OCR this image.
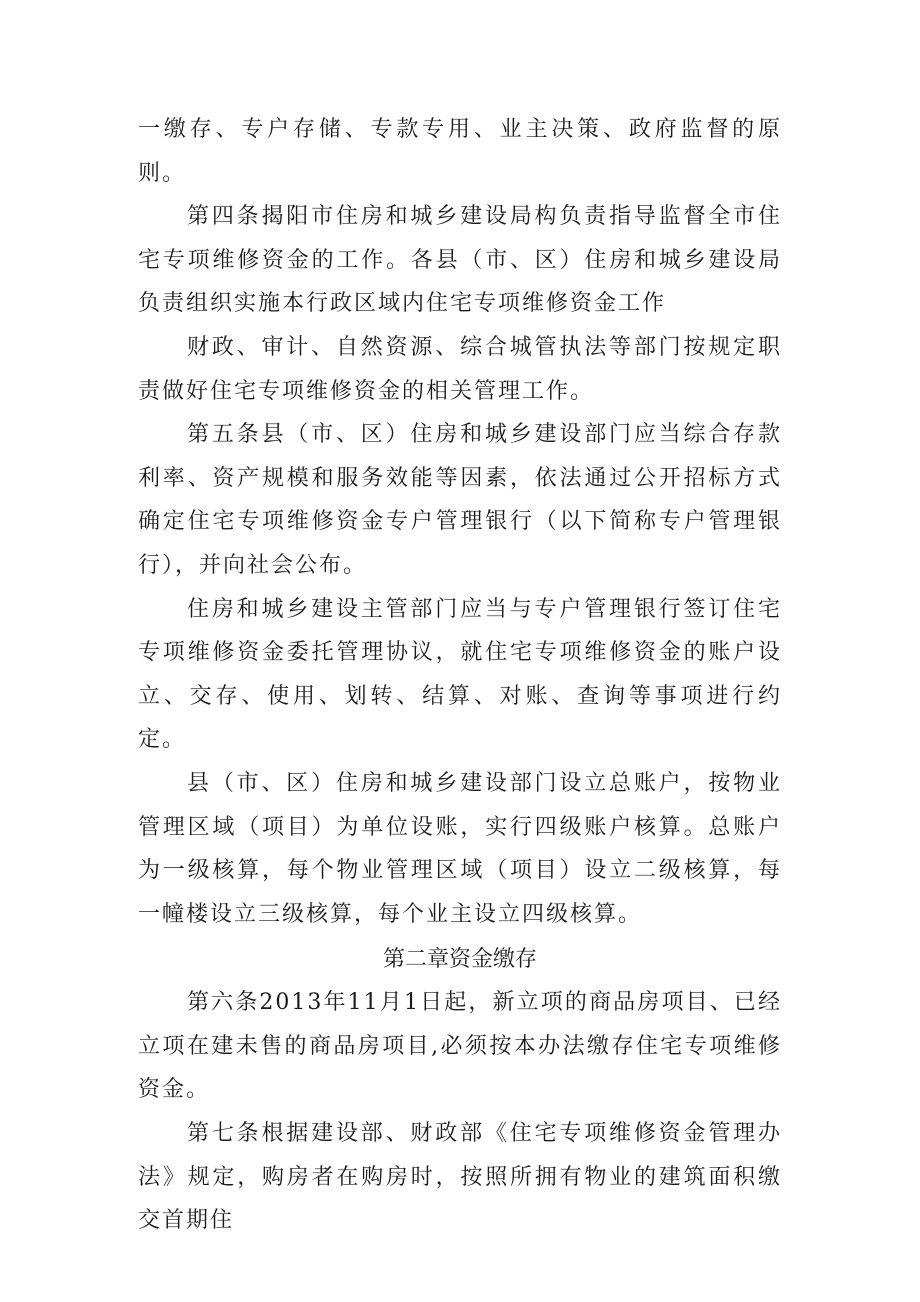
一缴存、专户存储、专款专用、业主决策、政府监督的原则。

第四条揭阳市住房和城乡建设局构负责指导监督全市住宅专项维修资金的工作。各县（市、区）住房和城乡建设局负责组织实施本行政区域内住宅专项维修资金工作

财政、审计、自然资源、综合城管执法等部门按规定职责做好住宅专项维修资金的相关管理工作。

第五条县（市、区）住房和城乡建设部门应当综合存款利率、资产规模和服务效能等因素，依法通过公开招标方式确定住宅专项维修资金专户管理银行（以下简称专户管理银行），并向社会公布。

住房和城乡建设主管部门应当与专户管理银行签订住宅专项维修资金委托管理协议，就住宅专项维修资金的账户设立、交存、使用、划转、结算、对账、查询等事项进行约定。

县（市、区）住房和城乡建设部门设立总账户，按物业管理区域（项目）为单位设账，实行四级账户核算。总账户为一级核算，每个物业管理区域（项目）设立二级核算，每一幢楼设立三级核算，每个业主设立四级核算。

第二章资金缴存

第六条2013年11月1日起，新立项的商品房项目、已经立项在建未售的商品房项目,必须按本办法缴存住宅专项维修资金。

第七条根据建设部、财政部《住宅专项维修资金管理办法》规定，购房者在购房时，按照所拥有物业的建筑面积缴交首期住
